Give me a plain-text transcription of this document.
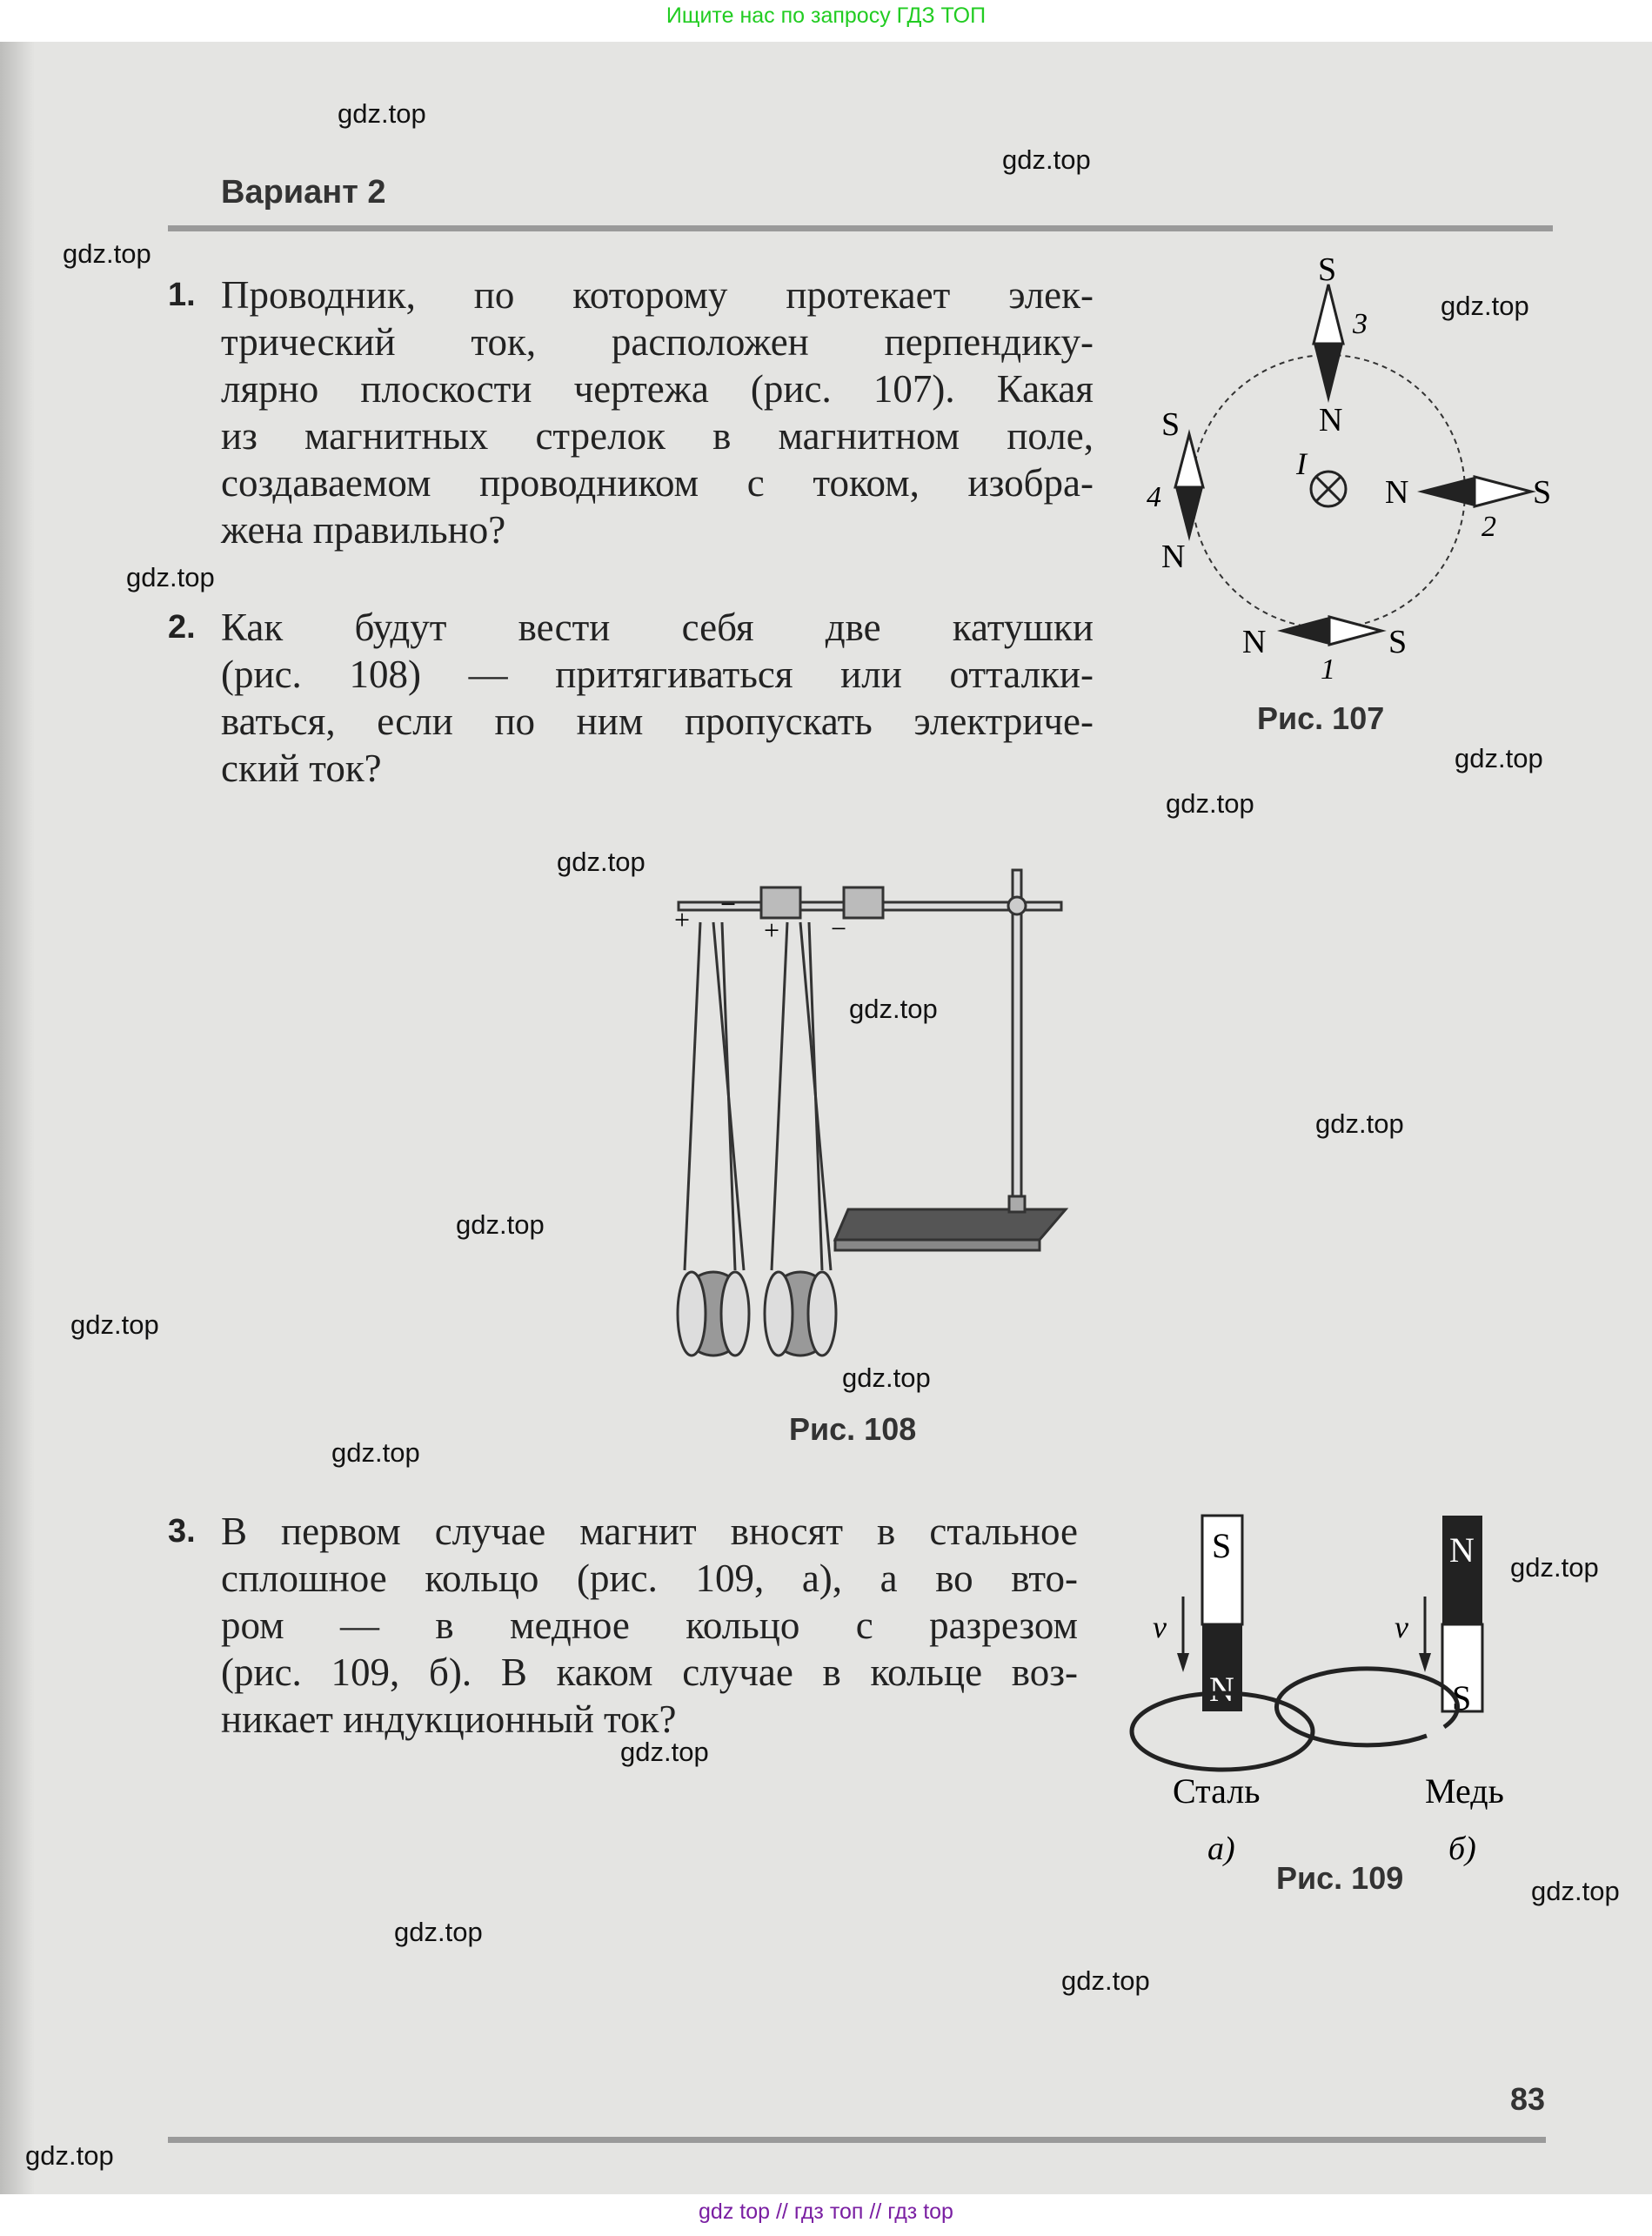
Ищите нас по запросу ГДЗ ТОП
Вариант 2
1. Проводник, по которому протекает элек-
трический ток, расположен перпендику-
лярно плоскости чертежа (рис. 107). Какая
из магнитных стрелок в магнитном поле,
создаваемом проводником с током, изобра-
жена правильно?
2. Как будут вести себя две катушки
(рис. 108) — притягиваться или отталки-
ваться, если по ним пропускать электриче-
ский ток?
3. В первом случае магнит вносят в стальное
сплошное кольцо (рис. 109, а), а во вто-
ром — в медное кольцо с разрезом
(рис. 109, б). В каком случае в кольце воз-
никает индукционный ток?
I
S
N
3
S
N
4	N	S
2
N	S
1
Рис. 107
+ −
+ −
Рис. 108
S
N
v⃗
N
S
v⃗
Сталь	Медь
а)	б)
Рис. 109
83
gdz.top
gdz.top
gdz.top
gdz.top
gdz.top
gdz.top
gdz.top
gdz.top
gdz.top
gdz.top
gdz.top
gdz.top
gdz.top
gdz.top
gdz.top
gdz.top
gdz.top
gdz.top
gdz.top
gdz.top
gdz top // гдз топ // гдз top
